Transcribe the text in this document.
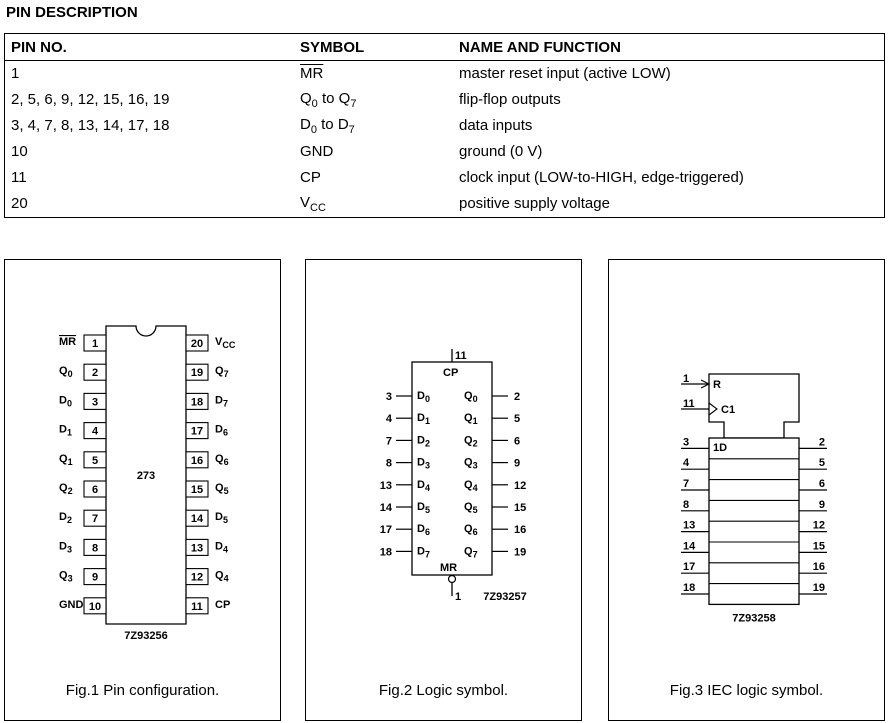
PIN DESCRIPTION
PIN NO.	SYMBOL	NAME AND FUNCTION
1	$\overline{MR}$	master reset input (active LOW)
2, 5, 6, 9, 12, 15, 16, 19	$Q_0$ to $Q_7$	flip-flop outputs
3, 4, 7, 8, 13, 14, 17, 18	$D_0$ to $D_7$	data inputs
10	GND	ground (0 V)
11	CP	clock input (LOW-to-HIGH, edge-triggered)
20	$V_{CC}$	positive supply voltage
273
1
MR
2
$Q_0$
3
$D_0$
4
$D_1$
5
$Q_1$
6
$Q_2$
7
$D_2$
8
$D_3$
9
$Q_3$
10
GND
20 $V_{CC}$
19 $Q_7$
18 $D_7$
17 $D_6$
16 $Q_6$
15 $Q_5$
14 $D_5$
13 $D_4$
12 $Q_4$
11 CP
7Z93256
Fig.1 Pin configuration.
11
CP
1
MR
3 $D_0$
4 $D_1$
7 $D_2$
8 $D_3$
13 $D_4$
14 $D_5$
17 $D_6$
18 $D_7$
2
$Q_0$
5
$Q_1$
6
$Q_2$
9
$Q_3$
12
$Q_4$
15
$Q_5$
16
$Q_6$
19
$Q_7$
7Z93257
Fig.2 Logic symbol.
1 R
11 C1
1D
3	2
4	5
7	6
8	9
13	12
14	15
17	16
18	19
7Z93258
Fig.3 IEC logic symbol.
